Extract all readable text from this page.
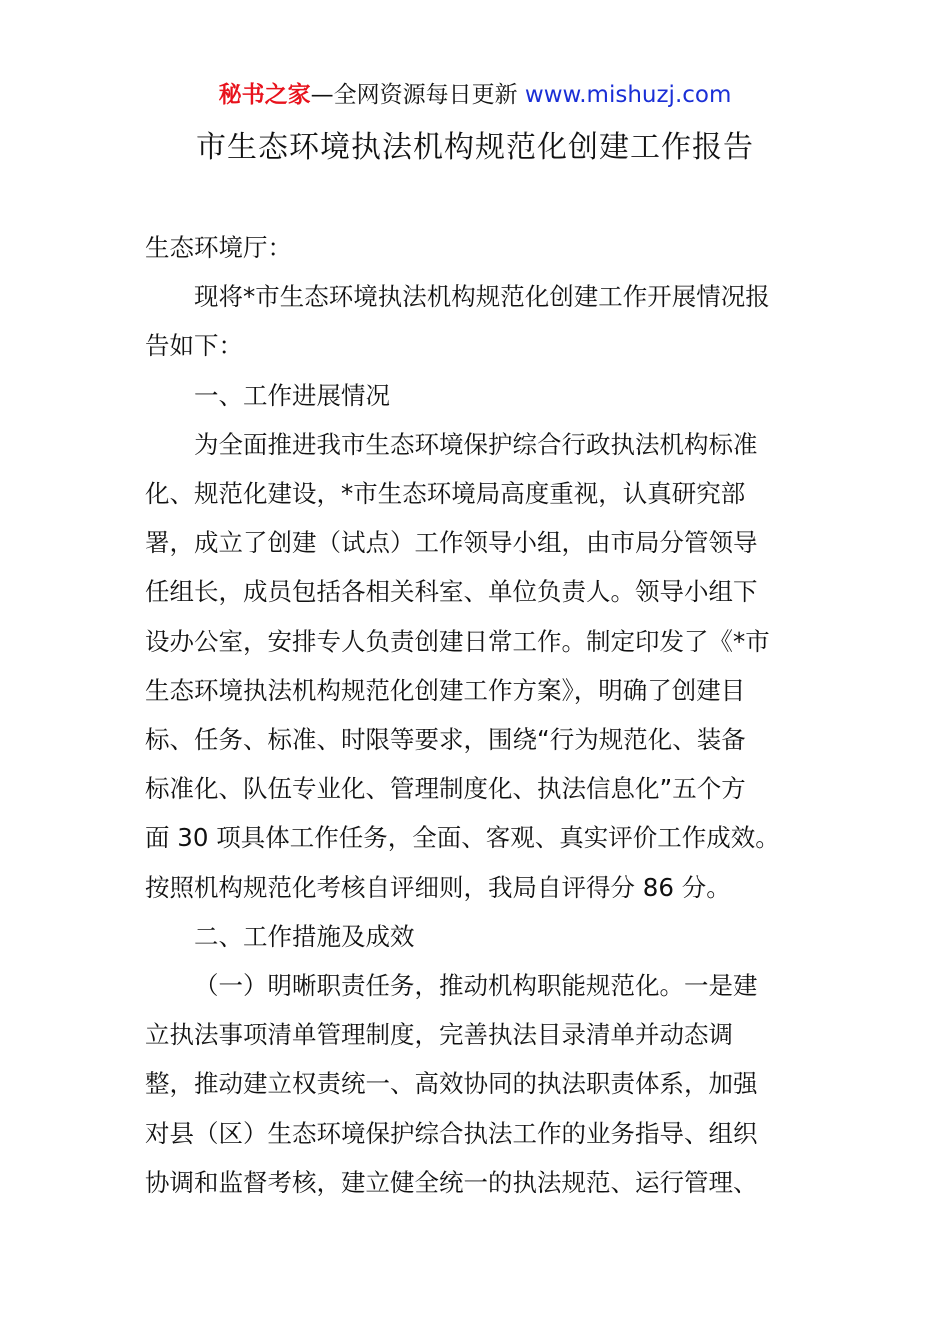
秘书之家—全网资源每日更新 www.mishuzj.com
市生态环境执法机构规范化创建工作报告

生态环境厅：

现将*市生态环境执法机构规范化创建工作开展情况报
告如下：

一、工作进展情况

为全面推进我市生态环境保护综合行政执法机构标准
化、规范化建设，*市生态环境局高度重视，认真研究部
署，成立了创建（试点）工作领导小组，由市局分管领导
任组长，成员包括各相关科室、单位负责人。领导小组下
设办公室，安排专人负责创建日常工作。制定印发了《*市
生态环境执法机构规范化创建工作方案》，明确了创建目
标、任务、标准、时限等要求，围绕“行为规范化、装备
标准化、队伍专业化、管理制度化、执法信息化”五个方
面 30 项具体工作任务，全面、客观、真实评价工作成效。
按照机构规范化考核自评细则，我局自评得分 86 分。

二、工作措施及成效

（一）明晰职责任务，推动机构职能规范化。一是建
立执法事项清单管理制度，完善执法目录清单并动态调
整，推动建立权责统一、高效协同的执法职责体系，加强
对县（区）生态环境保护综合执法工作的业务指导、组织
协调和监督考核，建立健全统一的执法规范、运行管理、
